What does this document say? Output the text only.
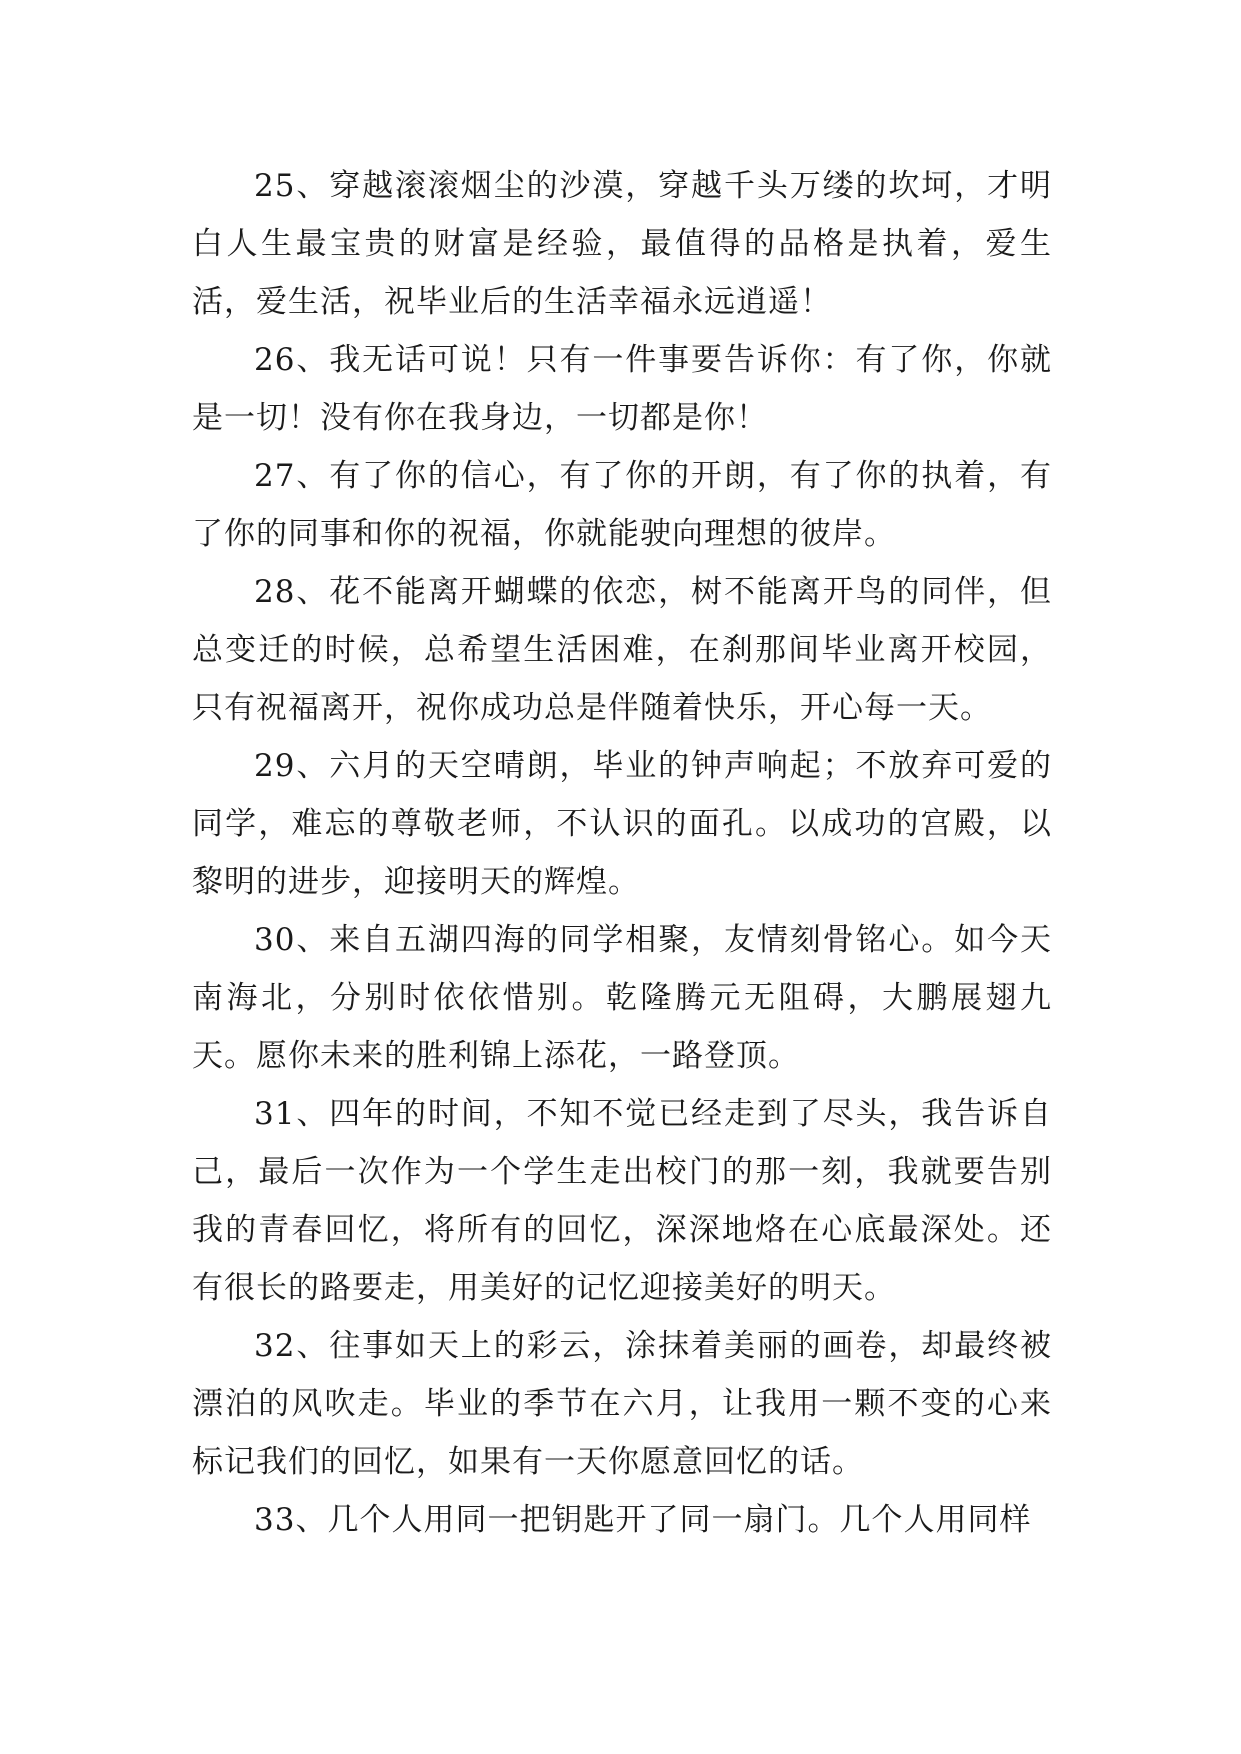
25、穿越滚滚烟尘的沙漠，穿越千头万缕的坎坷，才明白人生最宝贵的财富是经验，最值得的品格是执着，爱生活，爱生活，祝毕业后的生活幸福永远逍遥！

26、我无话可说！只有一件事要告诉你：有了你，你就是一切！没有你在我身边，一切都是你！

27、有了你的信心，有了你的开朗，有了你的执着，有了你的同事和你的祝福，你就能驶向理想的彼岸。

28、花不能离开蝴蝶的依恋，树不能离开鸟的同伴，但总变迁的时候，总希望生活困难，在刹那间毕业离开校园，只有祝福离开，祝你成功总是伴随着快乐，开心每一天。

29、六月的天空晴朗，毕业的钟声响起；不放弃可爱的同学，难忘的尊敬老师，不认识的面孔。以成功的宫殿，以黎明的进步，迎接明天的辉煌。

30、来自五湖四海的同学相聚，友情刻骨铭心。如今天南海北，分别时依依惜别。乾隆腾元无阻碍，大鹏展翅九天。愿你未来的胜利锦上添花，一路登顶。

31、四年的时间，不知不觉已经走到了尽头，我告诉自己，最后一次作为一个学生走出校门的那一刻，我就要告别我的青春回忆，将所有的回忆，深深地烙在心底最深处。还有很长的路要走，用美好的记忆迎接美好的明天。

32、往事如天上的彩云，涂抹着美丽的画卷，却最终被漂泊的风吹走。毕业的季节在六月，让我用一颗不变的心来标记我们的回忆，如果有一天你愿意回忆的话。

33、几个人用同一把钥匙开了同一扇门。几个人用同样
